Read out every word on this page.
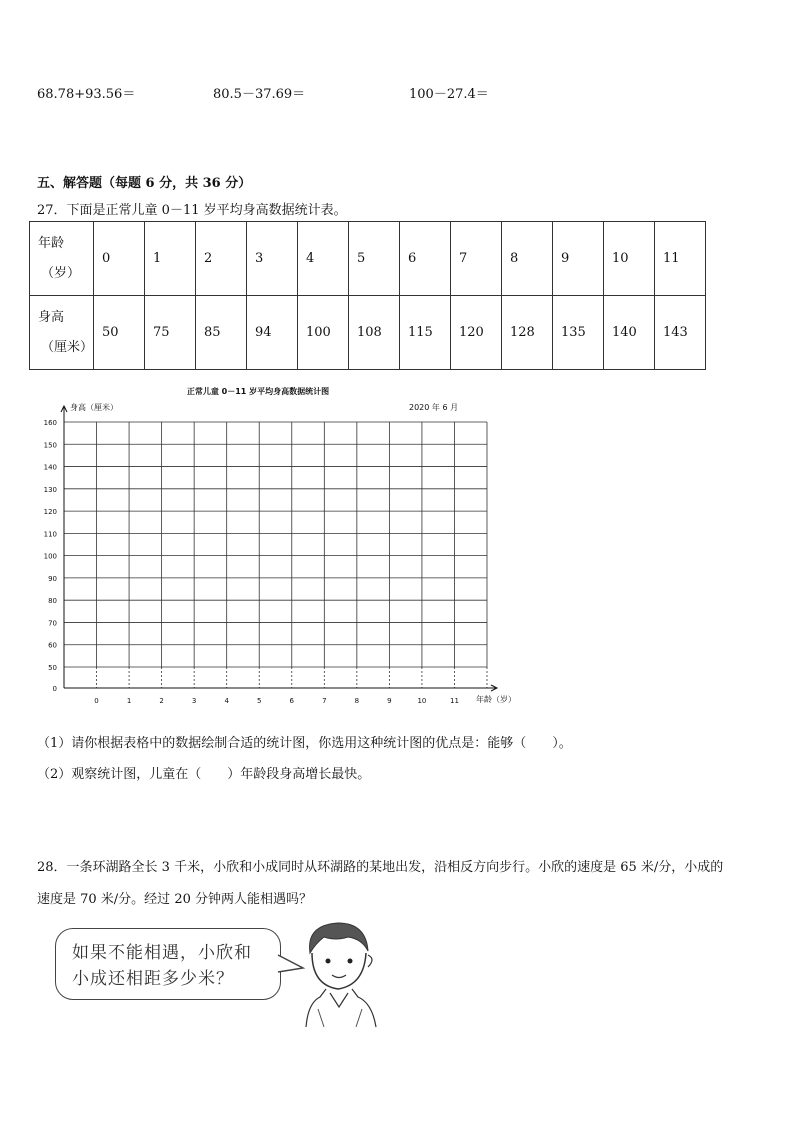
68.78+93.56＝	80.5－37.69＝	100－27.4＝
五、解答题（每题 6 分，共 36 分）
27．下面是正常儿童 0－11 岁平均身高数据统计表。
年龄
（岁）	0	1	2	3	4	5	6	7	8	9	10	11
身高
（厘米）	50	75	85	94	100	108	115	120	128	135	140	143
正常儿童 0－11 岁平均身高数据统计图
身高（厘米）	2020 年 6 月
160
150
140
130
120
110
100
90
80
70
60
50
0
0	1	2	3	4	5	6	7	8	9	10	11 年龄（岁）
（1）请你根据表格中的数据绘制合适的统计图，你选用这种统计图的优点是：能够（　　）。
（2）观察统计图，儿童在（　　）年龄段身高增长最快。
28．一条环湖路全长 3 千米，小欣和小成同时从环湖路的某地出发，沿相反方向步行。小欣的速度是 65 米/分，小成的
速度是 70 米/分。经过 20 分钟两人能相遇吗？
如果不能相遇，小欣和
小成还相距多少米？
